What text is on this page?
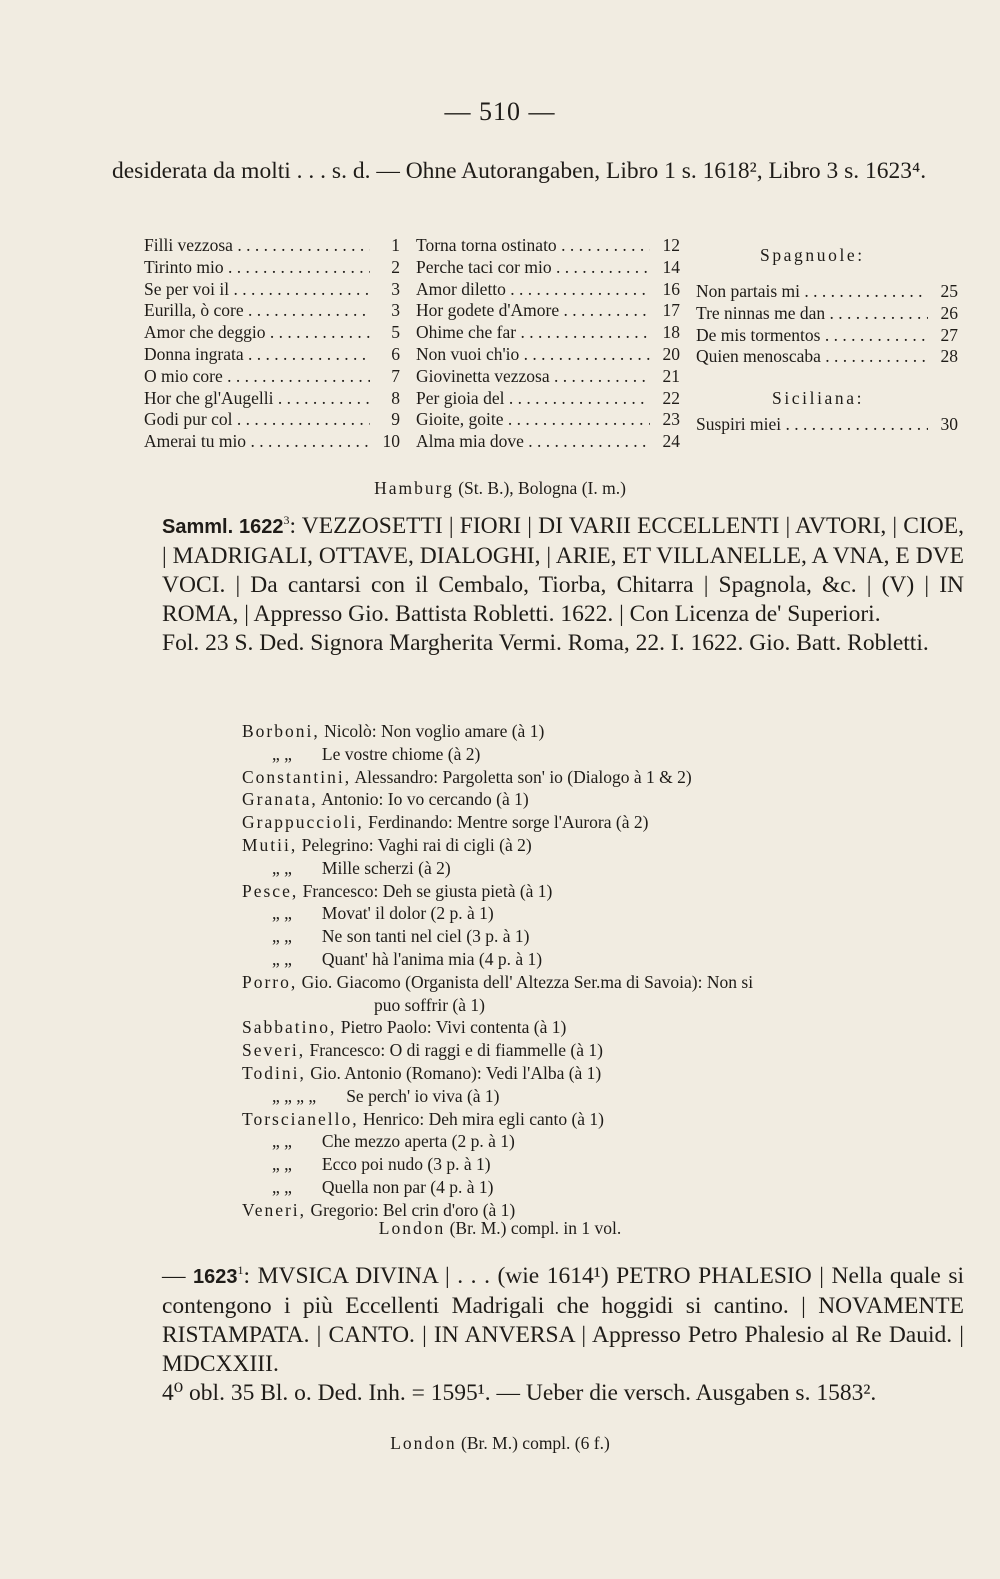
— 510 —
desiderata da molti . . . s. d. — Ohne Autorangaben, Libro 1 s. 1618², Libro 3 s. 1623⁴.
Filli vezzosa . . .	1
Tirinto mio . . .	2
Se per voi il . . .	3
Eurilla, ò core . . .	3
Amor che deggio . . .	5
Donna ingrata . . .	6
O mio core . . .	7
Hor che gl'Augelli . . .	8
Godi pur col . . .	9
Amerai tu mio . . .	10
Torna torna ostinato . . .	12
Perche taci cor mio . . .	14
Amor diletto . . .	16
Hor godete d'Amore . . .	17
Ohime che far . . .	18
Non vuoi ch'io . . .	20
Giovinetta vezzosa . . .	21
Per gioia del . . .	22
Gioite, goite . . .	23
Alma mia dove . . .	24
Spagnuole:
Non partais mi . . .	25
Tre ninnas me dan . . .	26
De mis tormentos . . .	27
Quien menoscaba . . .	28
Siciliana:
Suspiri miei . . .	30
Hamburg (St. B.), Bologna (I. m.)
Samml. 1622$^3$: VEZZOSETTI | FIORI | DI VARII ECCELLENTI | AVTORI, | CIOE, | MADRIGALI, OTTAVE, DIALOGHI, | ARIE, ET VILLANELLE, A VNA, E DVE VOCI. | Da cantarsi con il Cembalo, Tiorba, Chitarra | Spagnola, &c. | (V) | IN ROMA, | Appresso Gio. Battista Robletti. 1622. | Con Licenza de' Superiori.
Fol. 23 S. Ded. Signora Margherita Vermi. Roma, 22. I. 1622. Gio. Batt. Robletti.
Borboni, Nicolò: Non voglio amare (à 1)
„ „ Le vostre chiome (à 2)
Constantini, Alessandro: Pargoletta son' io (Dialogo à 1 & 2)
Granata, Antonio: Io vo cercando (à 1)
Grappuccioli, Ferdinando: Mentre sorge l'Aurora (à 2)
Mutii, Pelegrino: Vaghi rai di cigli (à 2)
„ „ Mille scherzi (à 2)
Pesce, Francesco: Deh se giusta pietà (à 1)
„ „ Movat' il dolor (2 p. à 1)
„ „ Ne son tanti nel ciel (3 p. à 1)
„ „ Quant' hà l'anima mia (4 p. à 1)
Porro, Gio. Giacomo (Organista dell' Altezza Ser.ma di Savoia): Non si
puo soffrir (à 1)
Sabbatino, Pietro Paolo: Vivi contenta (à 1)
Severi, Francesco: O di raggi e di fiammelle (à 1)
Todini, Gio. Antonio (Romano): Vedi l'Alba (à 1)
„ „ „ „ Se perch' io viva (à 1)
Torscianello, Henrico: Deh mira egli canto (à 1)
„ „ Che mezzo aperta (2 p. à 1)
„ „ Ecco poi nudo (3 p. à 1)
„ „ Quella non par (4 p. à 1)
Veneri, Gregorio: Bel crin d'oro (à 1)
London (Br. M.) compl. in 1 vol.
— 1623$^1$: MVSICA DIVINA | . . . (wie 1614¹) PETRO PHALESIO | Nella quale si contengono i più Eccellenti Madrigali che hoggidi si cantino. | NOVAMENTE RISTAMPATA. | CANTO. | IN ANVERSA | Appresso Petro Phalesio al Re Dauid. | MDCXXIII.
4⁰ obl. 35 Bl. o. Ded. Inh. = 1595¹. — Ueber die versch. Ausgaben s. 1583².
London (Br. M.) compl. (6 f.)
